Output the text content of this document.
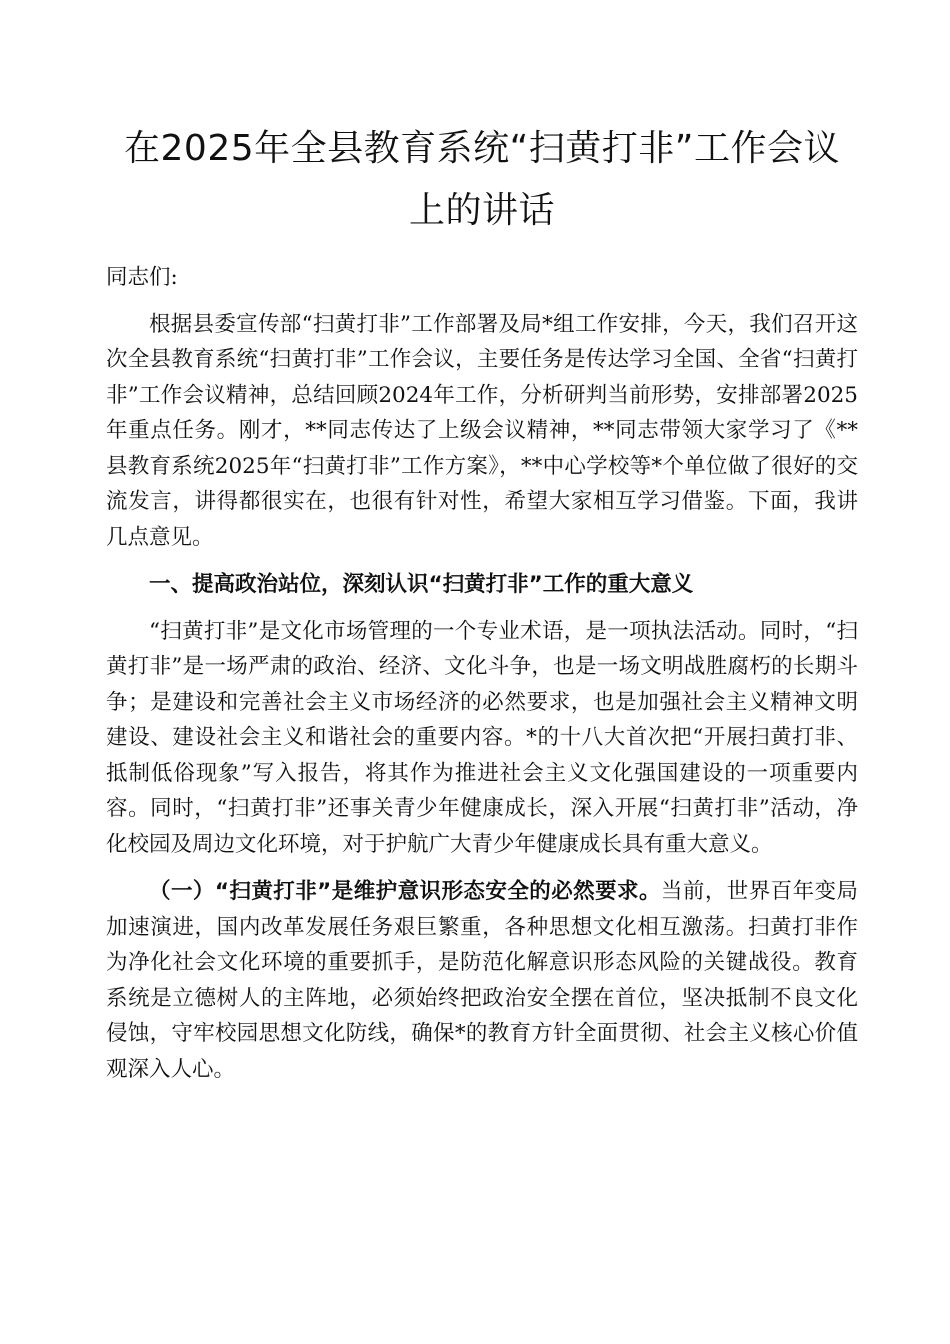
在2025年全县教育系统“扫黄打非”工作会议
上的讲话
同志们:

根据县委宣传部“扫黄打非”工作部署及局*组工作安排，今天，我们召开这次全县教育系统“扫黄打非”工作会议，主要任务是传达学习全国、全省“扫黄打非”工作会议精神，总结回顾2024年工作，分析研判当前形势，安排部署2025年重点任务。刚才，**同志传达了上级会议精神，**同志带领大家学习了《**县教育系统2025年“扫黄打非”工作方案》，**中心学校等*个单位做了很好的交流发言，讲得都很实在，也很有针对性，希望大家相互学习借鉴。下面，我讲几点意见。

一、提高政治站位，深刻认识“扫黄打非”工作的重大意义

“扫黄打非”是文化市场管理的一个专业术语，是一项执法活动。同时，“扫黄打非”是一场严肃的政治、经济、文化斗争，也是一场文明战胜腐朽的长期斗争；是建设和完善社会主义市场经济的必然要求，也是加强社会主义精神文明建设、建设社会主义和谐社会的重要内容。*的十八大首次把“开展扫黄打非、抵制低俗现象”写入报告，将其作为推进社会主义文化强国建设的一项重要内容。同时，“扫黄打非”还事关青少年健康成长，深入开展“扫黄打非”活动，净化校园及周边文化环境，对于护航广大青少年健康成长具有重大意义。

（一）“扫黄打非”是维护意识形态安全的必然要求。当前，世界百年变局加速演进，国内改革发展任务艰巨繁重，各种思想文化相互激荡。扫黄打非作为净化社会文化环境的重要抓手，是防范化解意识形态风险的关键战役。教育系统是立德树人的主阵地，必须始终把政治安全摆在首位，坚决抵制不良文化侵蚀，守牢校园思想文化防线，确保*的教育方针全面贯彻、社会主义核心价值观深入人心。
